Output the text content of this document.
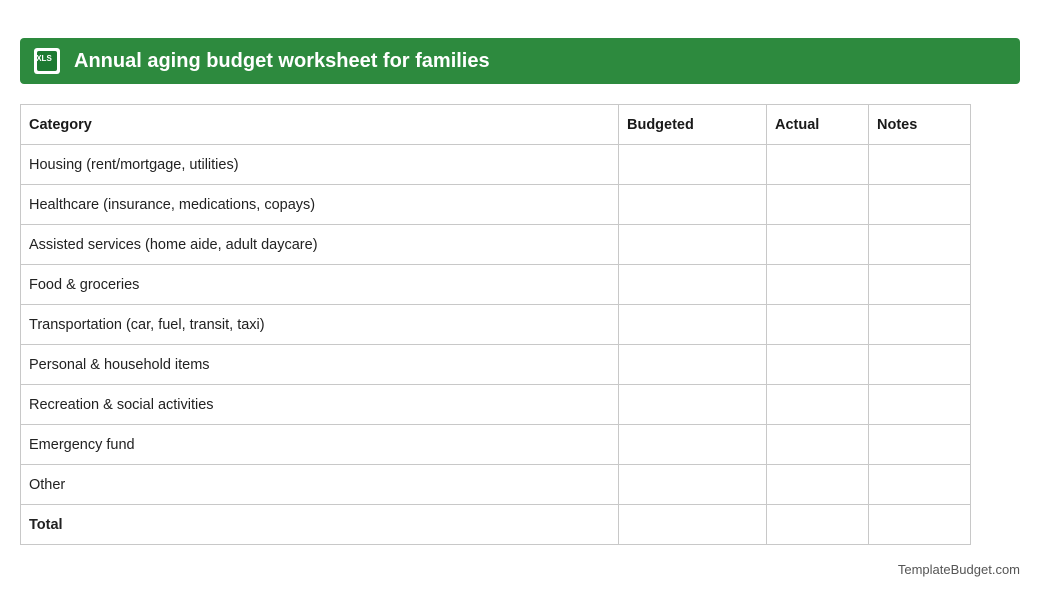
XLS Annual aging budget worksheet for families
Category	Budgeted	Actual	Notes
Housing (rent/mortgage, utilities)			
Healthcare (insurance, medications, copays)			
Assisted services (home aide, adult daycare)			
Food & groceries			
Transportation (car, fuel, transit, taxi)			
Personal & household items			
Recreation & social activities			
Emergency fund			
Other			
Total			
TemplateBudget.com
